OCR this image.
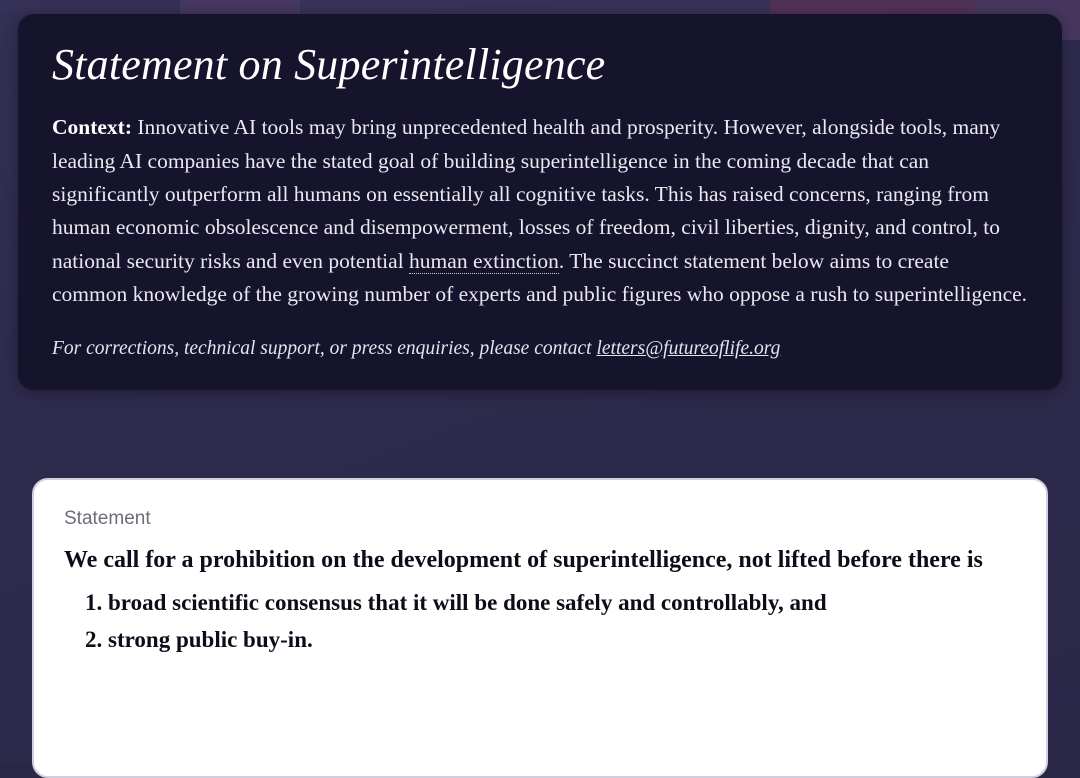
Statement on Superintelligence

Context: Innovative AI tools may bring unprecedented health and prosperity. However, alongside tools, many leading AI companies have the stated goal of building superintelligence in the coming decade that can significantly outperform all humans on essentially all cognitive tasks. This has raised concerns, ranging from human economic obsolescence and disempowerment, losses of freedom, civil liberties, dignity, and control, to national security risks and even potential human extinction. The succinct statement below aims to create common knowledge of the growing number of experts and public figures who oppose a rush to superintelligence.

For corrections, technical support, or press enquiries, please contact letters@futureoflife.org

Statement

We call for a prohibition on the development of superintelligence, not lifted before there is

1. broad scientific consensus that it will be done safely and controllably, and
2. strong public buy-in.
